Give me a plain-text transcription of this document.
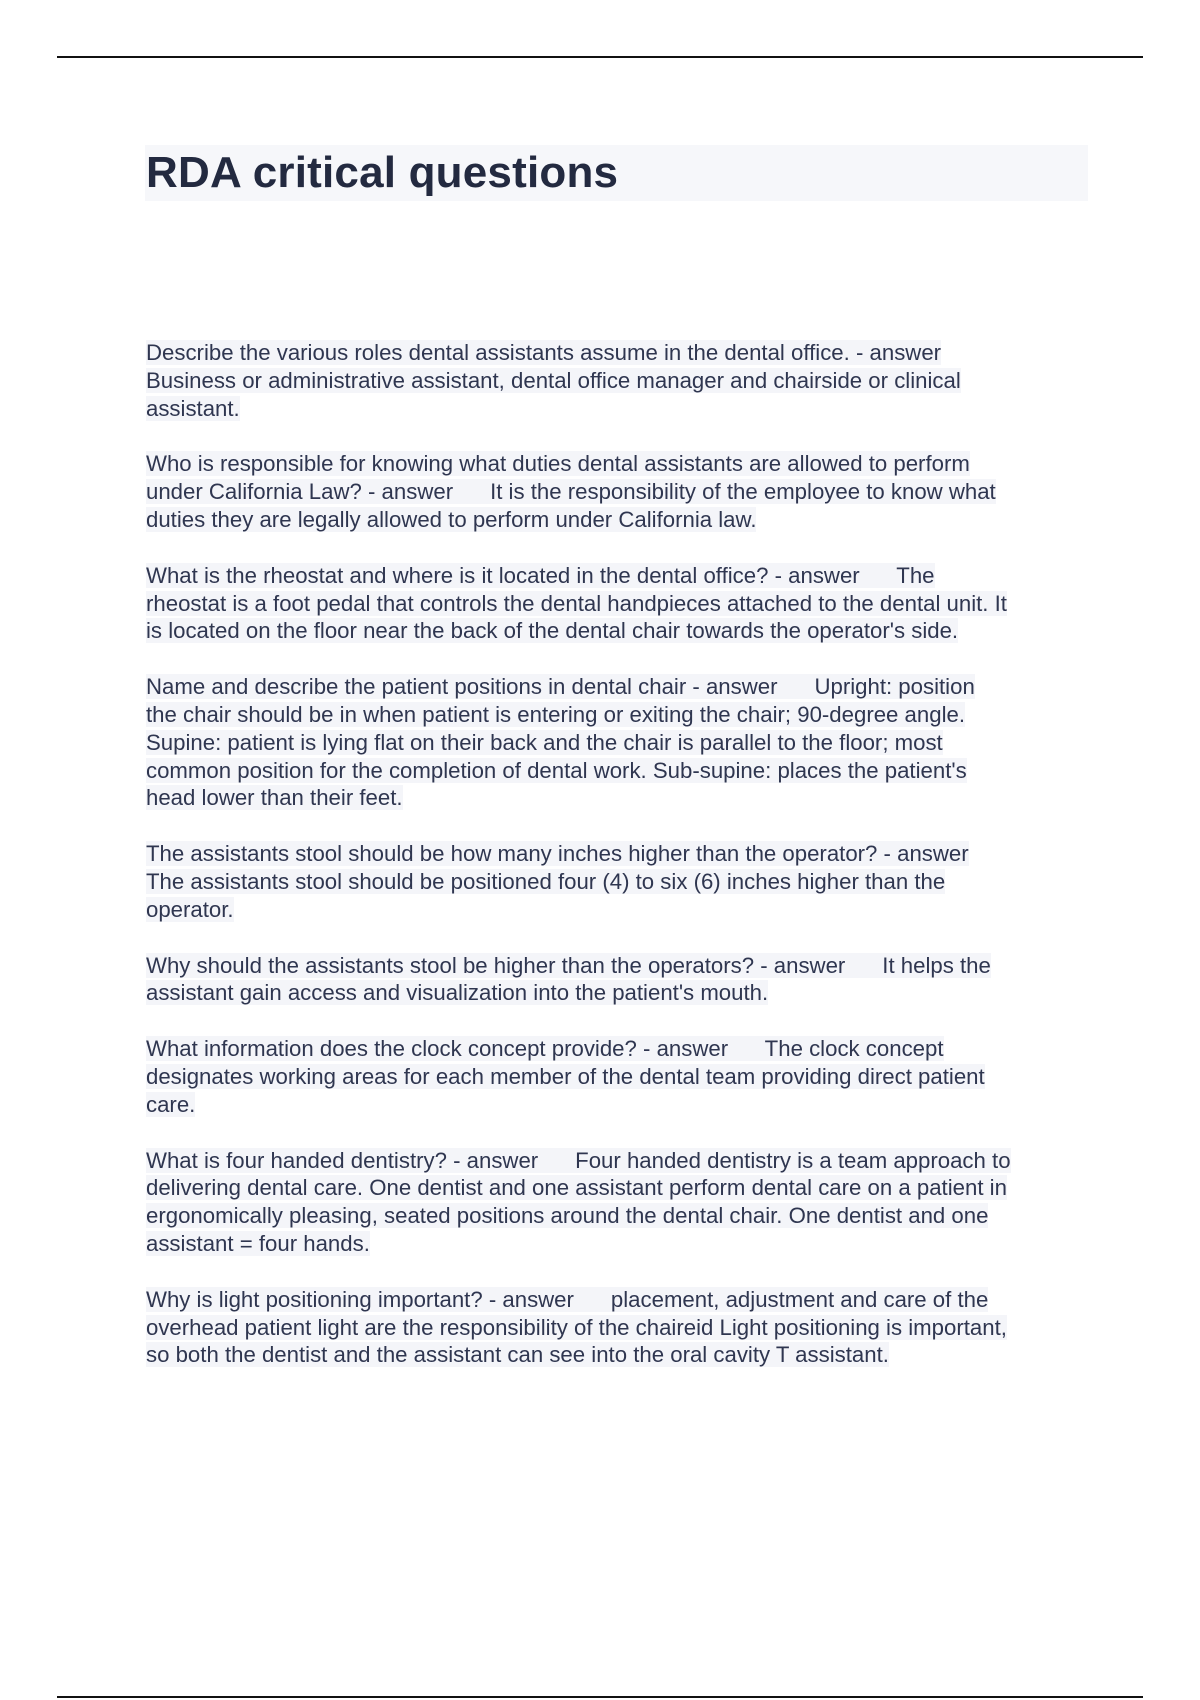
RDA critical questions
Describe the various roles dental assistants assume in the dental office. - answer
Business or administrative assistant, dental office manager and chairside or clinical
assistant.
Who is responsible for knowing what duties dental assistants are allowed to perform
under California Law? - answer      It is the responsibility of the employee to know what
duties they are legally allowed to perform under California law.
What is the rheostat and where is it located in the dental office? - answer      The
rheostat is a foot pedal that controls the dental handpieces attached to the dental unit. It
is located on the floor near the back of the dental chair towards the operator's side.
Name and describe the patient positions in dental chair - answer      Upright: position
the chair should be in when patient is entering or exiting the chair; 90-degree angle.
Supine: patient is lying flat on their back and the chair is parallel to the floor; most
common position for the completion of dental work. Sub-supine: places the patient's
head lower than their feet.
The assistants stool should be how many inches higher than the operator? - answer
The assistants stool should be positioned four (4) to six (6) inches higher than the
operator.
Why should the assistants stool be higher than the operators? - answer      It helps the
assistant gain access and visualization into the patient's mouth.
What information does the clock concept provide? - answer      The clock concept
designates working areas for each member of the dental team providing direct patient
care.
What is four handed dentistry? - answer      Four handed dentistry is a team approach to
delivering dental care. One dentist and one assistant perform dental care on a patient in
ergonomically pleasing, seated positions around the dental chair. One dentist and one
assistant = four hands.
Why is light positioning important? - answer      placement, adjustment and care of the
overhead patient light are the responsibility of the chaireid Light positioning is important,
so both the dentist and the assistant can see into the oral cavity T assistant.
